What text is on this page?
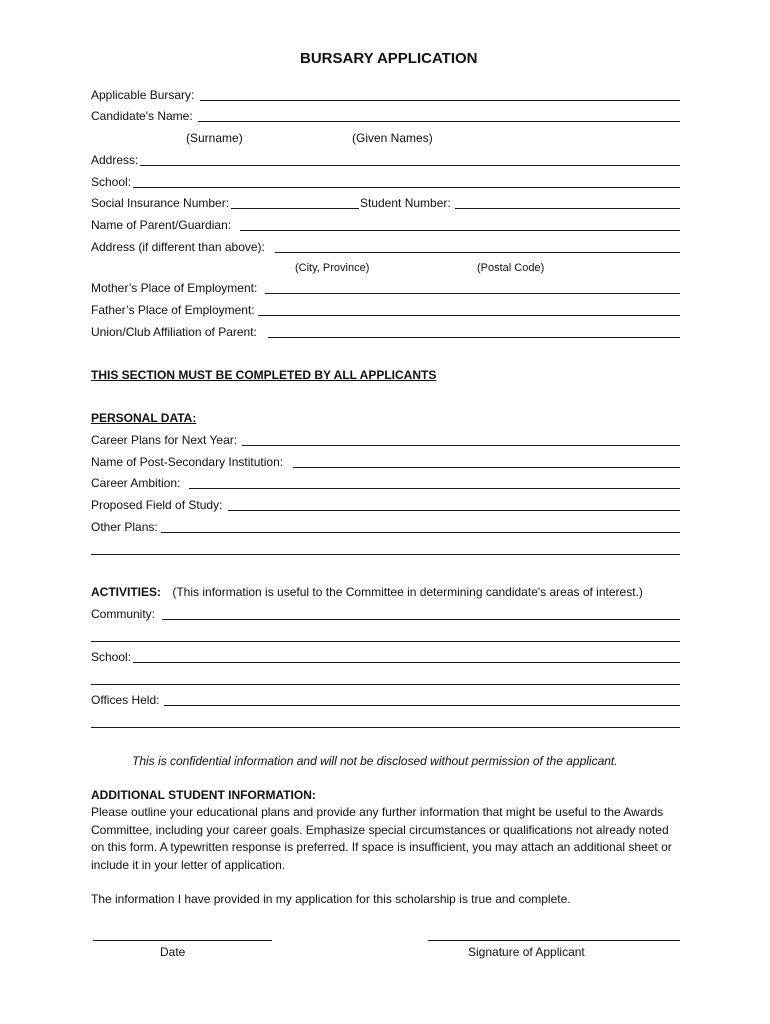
BURSARY APPLICATION
Applicable Bursary:
Candidate's Name:
(Surname)	(Given Names)
Address:
School:
Social Insurance Number:	Student Number:
Name of Parent/Guardian:
Address (if different than above):
(City, Province)	(Postal Code)
Mother’s Place of Employment:
Father’s Place of Employment:
Union/Club Affiliation of Parent:
THIS SECTION MUST BE COMPLETED BY ALL APPLICANTS
PERSONAL DATA:
Career Plans for Next Year:
Name of Post-Secondary Institution:
Career Ambition:
Proposed Field of Study:
Other Plans:
ACTIVITIES: (This information is useful to the Committee in determining candidate's areas of interest.)
Community:
School:
Offices Held:
This is confidential information and will not be disclosed without permission of the applicant.
ADDITIONAL STUDENT INFORMATION:
Please outline your educational plans and provide any further information that might be useful to the Awards Committee, including your career goals. Emphasize special circumstances or qualifications not already noted on this form. A typewritten response is preferred. If space is insufficient, you may attach an additional sheet or include it in your letter of application.
The information I have provided in my application for this scholarship is true and complete.
Date	Signature of Applicant
